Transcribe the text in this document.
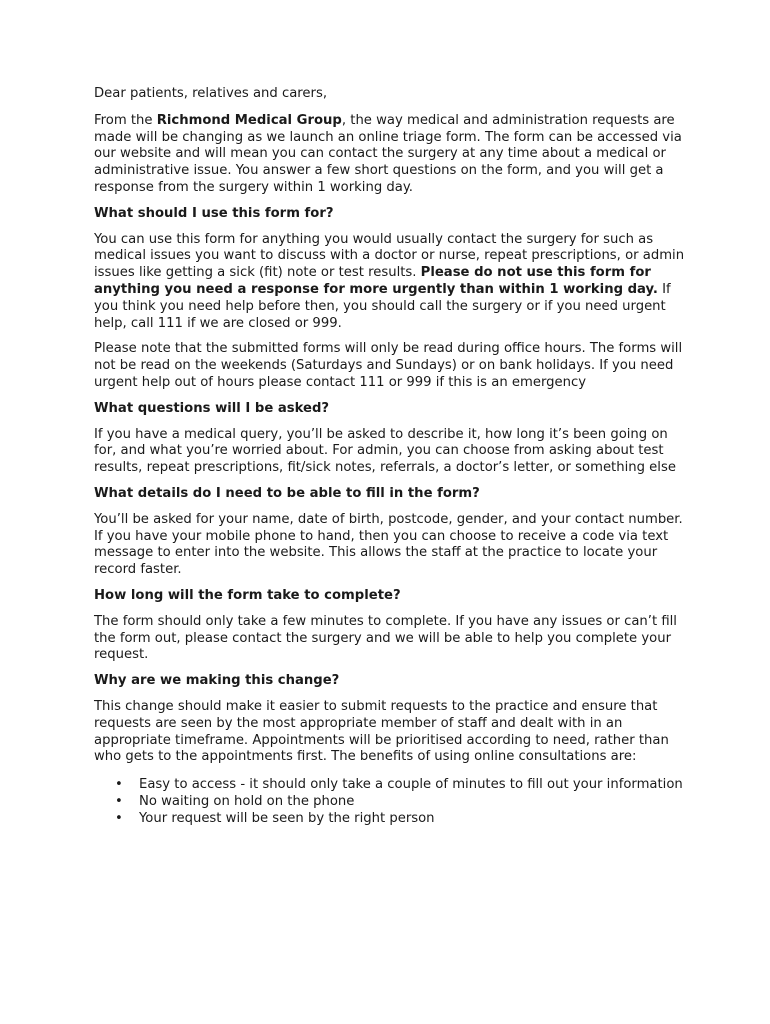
Dear patients, relatives and carers,

From the Richmond Medical Group, the way medical and administration requests are made will be changing as we launch an online triage form. The form can be accessed via our website and will mean you can contact the surgery at any time about a medical or administrative issue. You answer a few short questions on the form, and you will get a response from the surgery within 1 working day.

What should I use this form for?

You can use this form for anything you would usually contact the surgery for such as medical issues you want to discuss with a doctor or nurse, repeat prescriptions, or admin issues like getting a sick (fit) note or test results. Please do not use this form for anything you need a response for more urgently than within 1 working day. If you think you need help before then, you should call the surgery or if you need urgent help, call 111 if we are closed or 999.

Please note that the submitted forms will only be read during office hours. The forms will not be read on the weekends (Saturdays and Sundays) or on bank holidays. If you need urgent help out of hours please contact 111 or 999 if this is an emergency

What questions will I be asked?

If you have a medical query, you’ll be asked to describe it, how long it’s been going on for, and what you’re worried about. For admin, you can choose from asking about test results, repeat prescriptions, fit/sick notes, referrals, a doctor’s letter, or something else

What details do I need to be able to fill in the form?

You’ll be asked for your name, date of birth, postcode, gender, and your contact number. If you have your mobile phone to hand, then you can choose to receive a code via text message to enter into the website. This allows the staff at the practice to locate your record faster.

How long will the form take to complete?

The form should only take a few minutes to complete. If you have any issues or can’t fill the form out, please contact the surgery and we will be able to help you complete your request.

Why are we making this change?

This change should make it easier to submit requests to the practice and ensure that requests are seen by the most appropriate member of staff and dealt with in an appropriate timeframe. Appointments will be prioritised according to need, rather than who gets to the appointments first. The benefits of using online consultations are:

• Easy to access - it should only take a couple of minutes to fill out your information
• No waiting on hold on the phone
• Your request will be seen by the right person
